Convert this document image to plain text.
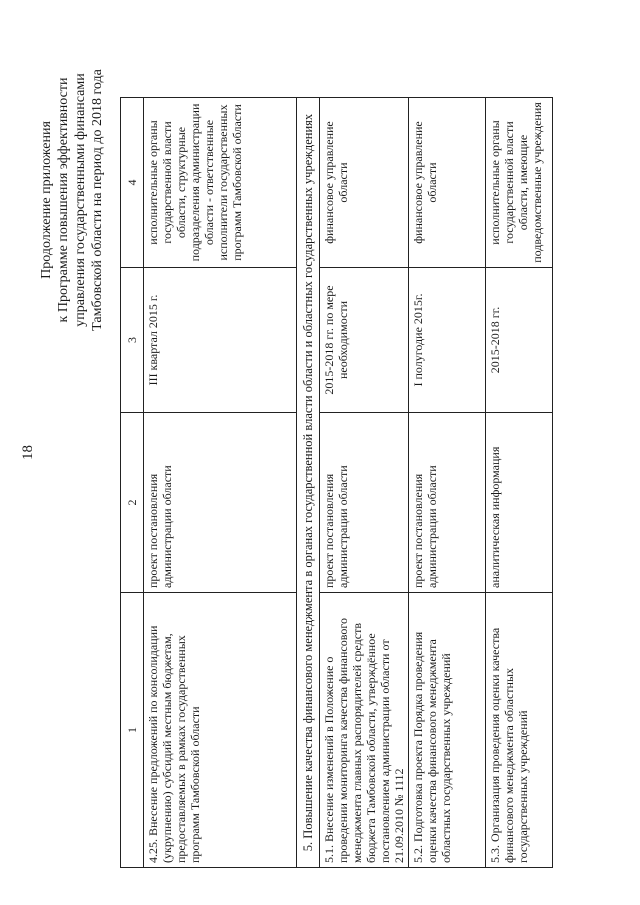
18
Продолжение приложения к Программе повышения эффективности управления государственными финансами Тамбовской области на период до 2018 года
1	2	3	4
4.25. Внесение предложений по консолидации (укрупнению) субсидий местным бюджетам, предоставляемых в рамках государственных программ Тамбовской области	проект постановления администрации области	III квартал 2015 г.	исполнительные органы государственной власти области, структурные подразделения администрации области - ответственные исполнители государственных программ Тамбовской области
5. Повышение качества финансового менеджмента в органах государственной власти области и областных государственных учреждениях			
5.1. Внесение изменений в Положение о проведении мониторинга качества финансового менеджмента главных распорядителей средств бюджета Тамбовской области, утверждённое постановлением администрации области от 21.09.2010 № 1112	проект постановления администрации области	2015-2018 гг. по мере необходимости	финансовое управление области
5.2. Подготовка проекта Порядка проведения оценки качества финансового менеджмента областных государственных учреждений	проект постановления администрации области	I полугодие 2015г.	финансовое управление области
5.3. Организация проведения оценки качества финансового менеджмента областных государственных учреждений	аналитическая информация	2015-2018 гг.	исполнительные органы государственной власти области, имеющие подведомственные учреждения
